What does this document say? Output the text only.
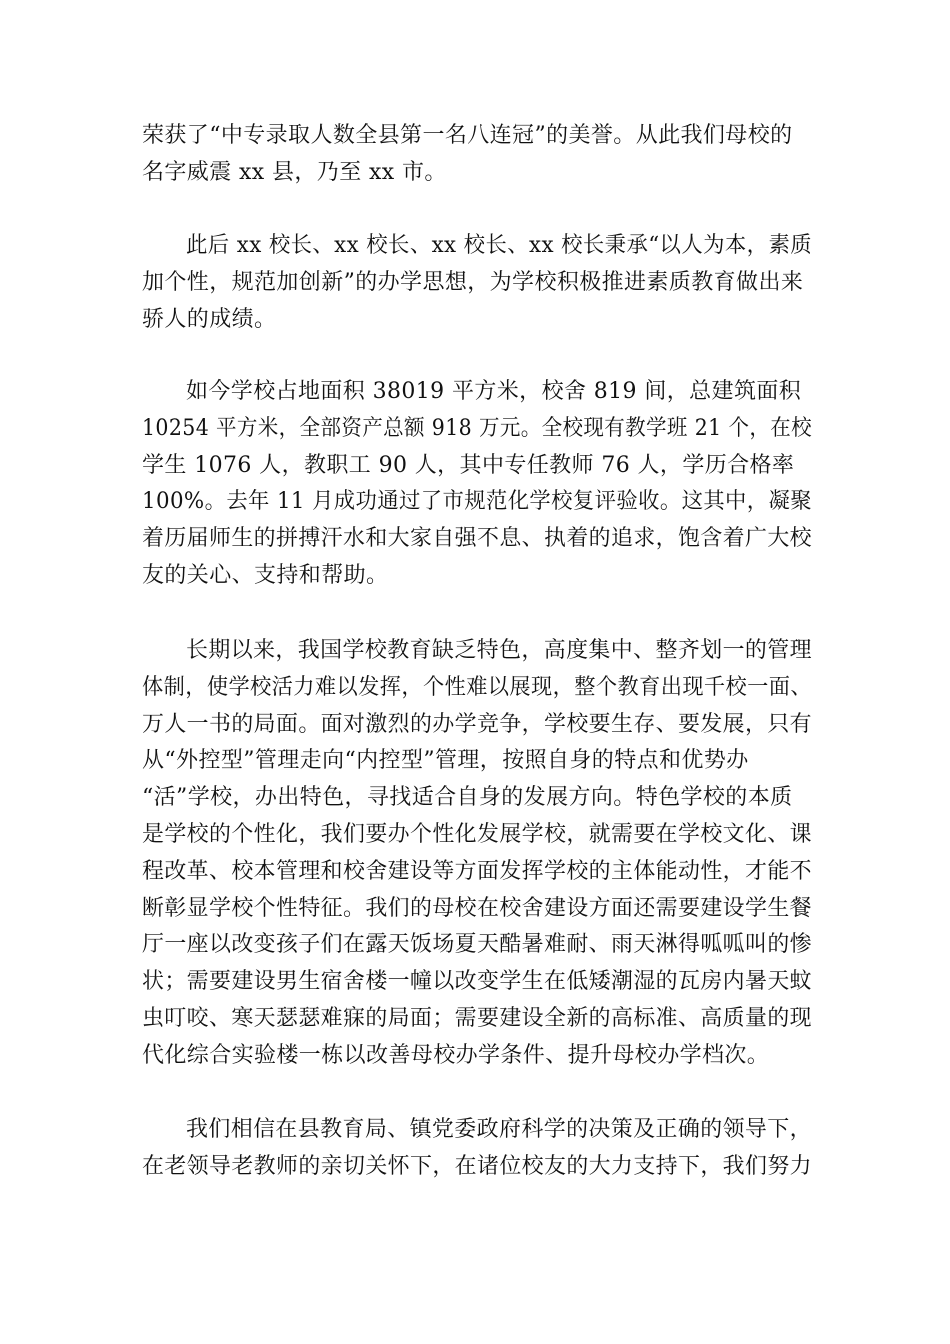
荣获了“中专录取人数全县第一名八连冠”的美誉。从此我们母校的
名字威震 xx 县，乃至 xx 市。
此后 xx 校长、xx 校长、xx 校长、xx 校长秉承“以人为本，素质
加个性，规范加创新”的办学思想，为学校积极推进素质教育做出来
骄人的成绩。
如今学校占地面积 38019 平方米，校舍 819 间，总建筑面积
10254 平方米，全部资产总额 918 万元。全校现有教学班 21 个，在校
学生 1076 人，教职工 90 人，其中专任教师 76 人，学历合格率
100%。去年 11 月成功通过了市规范化学校复评验收。这其中，凝聚
着历届师生的拼搏汗水和大家自强不息、执着的追求，饱含着广大校
友的关心、支持和帮助。
长期以来，我国学校教育缺乏特色，高度集中、整齐划一的管理
体制，使学校活力难以发挥，个性难以展现，整个教育出现千校一面、
万人一书的局面。面对激烈的办学竞争，学校要生存、要发展，只有
从“外控型”管理走向“内控型”管理，按照自身的特点和优势办
“活”学校，办出特色，寻找适合自身的发展方向。特色学校的本质
是学校的个性化，我们要办个性化发展学校，就需要在学校文化、课
程改革、校本管理和校舍建设等方面发挥学校的主体能动性，才能不
断彰显学校个性特征。我们的母校在校舍建设方面还需要建设学生餐
厅一座以改变孩子们在露天饭场夏天酷暑难耐、雨天淋得呱呱叫的惨
状；需要建设男生宿舍楼一幢以改变学生在低矮潮湿的瓦房内暑天蚊
虫叮咬、寒天瑟瑟难寐的局面；需要建设全新的高标准、高质量的现
代化综合实验楼一栋以改善母校办学条件、提升母校办学档次。
我们相信在县教育局、镇党委政府科学的决策及正确的领导下，
在老领导老教师的亲切关怀下，在诸位校友的大力支持下，我们努力
